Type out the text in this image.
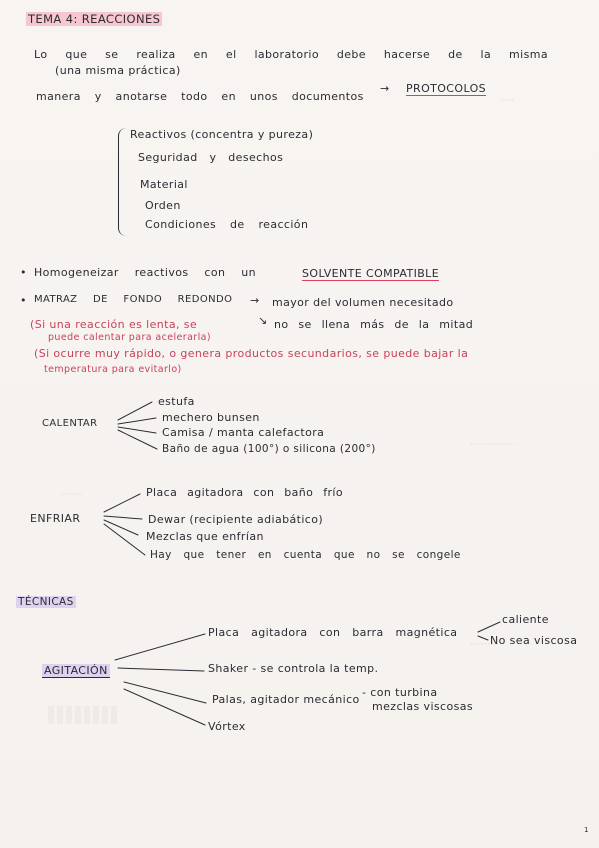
·····
················
········
··········
TEMA 4: REACCIONES
Lo que se realiza en el laboratorio debe hacerse de la misma
(una misma práctica)
manera y anotarse todo en unos documentos
→ PROTOCOLOS
Reactivos (concentra y pureza)
Seguridad y desechos
Material
Orden
Condiciones de reacción
• Homogeneizar reactivos con un	SOLVENTE COMPATIBLE
• MATRAZ DE FONDO REDONDO → mayor del volumen necesitado
↘ no se llena más de la mitad
(Si una reacción es lenta, se
puede calentar para acelerarla)
(Si ocurre muy rápido, o genera productos secundarios, se puede bajar la
temperatura para evitarlo)
CALENTAR
estufa
mechero bunsen
Camisa / manta calefactora
Baño de agua (100°) o silicona (200°)
ENFRIAR
Placa agitadora con baño frío
Dewar (recipiente adiabático)
Mezclas que enfrían
Hay que tener en cuenta que no se congele
TÉCNICAS
AGITACIÓN
Placa agitadora con barra magnética
caliente
No sea viscosa
Shaker - se controla la temp.
Palas, agitador mecánico
- con turbina
mezclas viscosas
Vórtex
1
